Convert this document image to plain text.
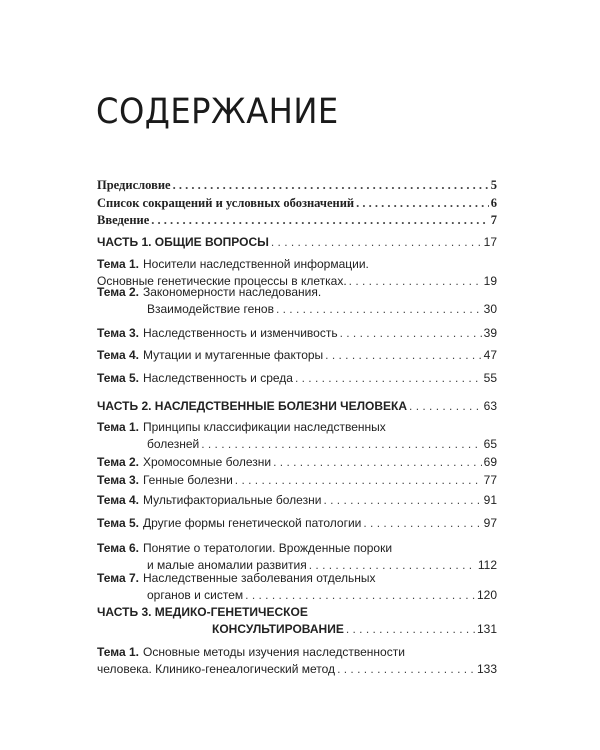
СОДЕРЖАНИЕ
Предисловие . . .	5
Список сокращений и условных обозначений . . .	6
Введение . . .	7
ЧАСТЬ 1. ОБЩИЕ ВОПРОСЫ . . .	17
Тема 1. Носители наследственной информации.
Основные генетические процессы в клетках. . . .	19
Тема 2. Закономерности наследования.
Взаимодействие генов . . .	30
Тема 3. Наследственность и изменчивость . . .	39
Тема 4. Мутации и мутагенные факторы . . .	47
Тема 5. Наследственность и среда . . .	55
ЧАСТЬ 2. НАСЛЕДСТВЕННЫЕ БОЛЕЗНИ ЧЕЛОВЕКА . . .	63
Тема 1. Принципы классификации наследственных
болезней . . .	65
Тема 2. Хромосомные болезни . . .	69
Тема 3. Генные болезни . . .	77
Тема 4. Мультифакториальные болезни . . .	91
Тема 5. Другие формы генетической патологии . . .	97
Тема 6. Понятие о тератологии. Врожденные пороки
и малые аномалии развития . . .	112
Тема 7. Наследственные заболевания отдельных
органов и систем . . .	120
ЧАСТЬ 3. МЕДИКО-ГЕНЕТИЧЕСКОЕ
КОНСУЛЬТИРОВАНИЕ . . .	131
Тема 1. Основные методы изучения наследственности
человека. Клинико-генеалогический метод . . .	133
